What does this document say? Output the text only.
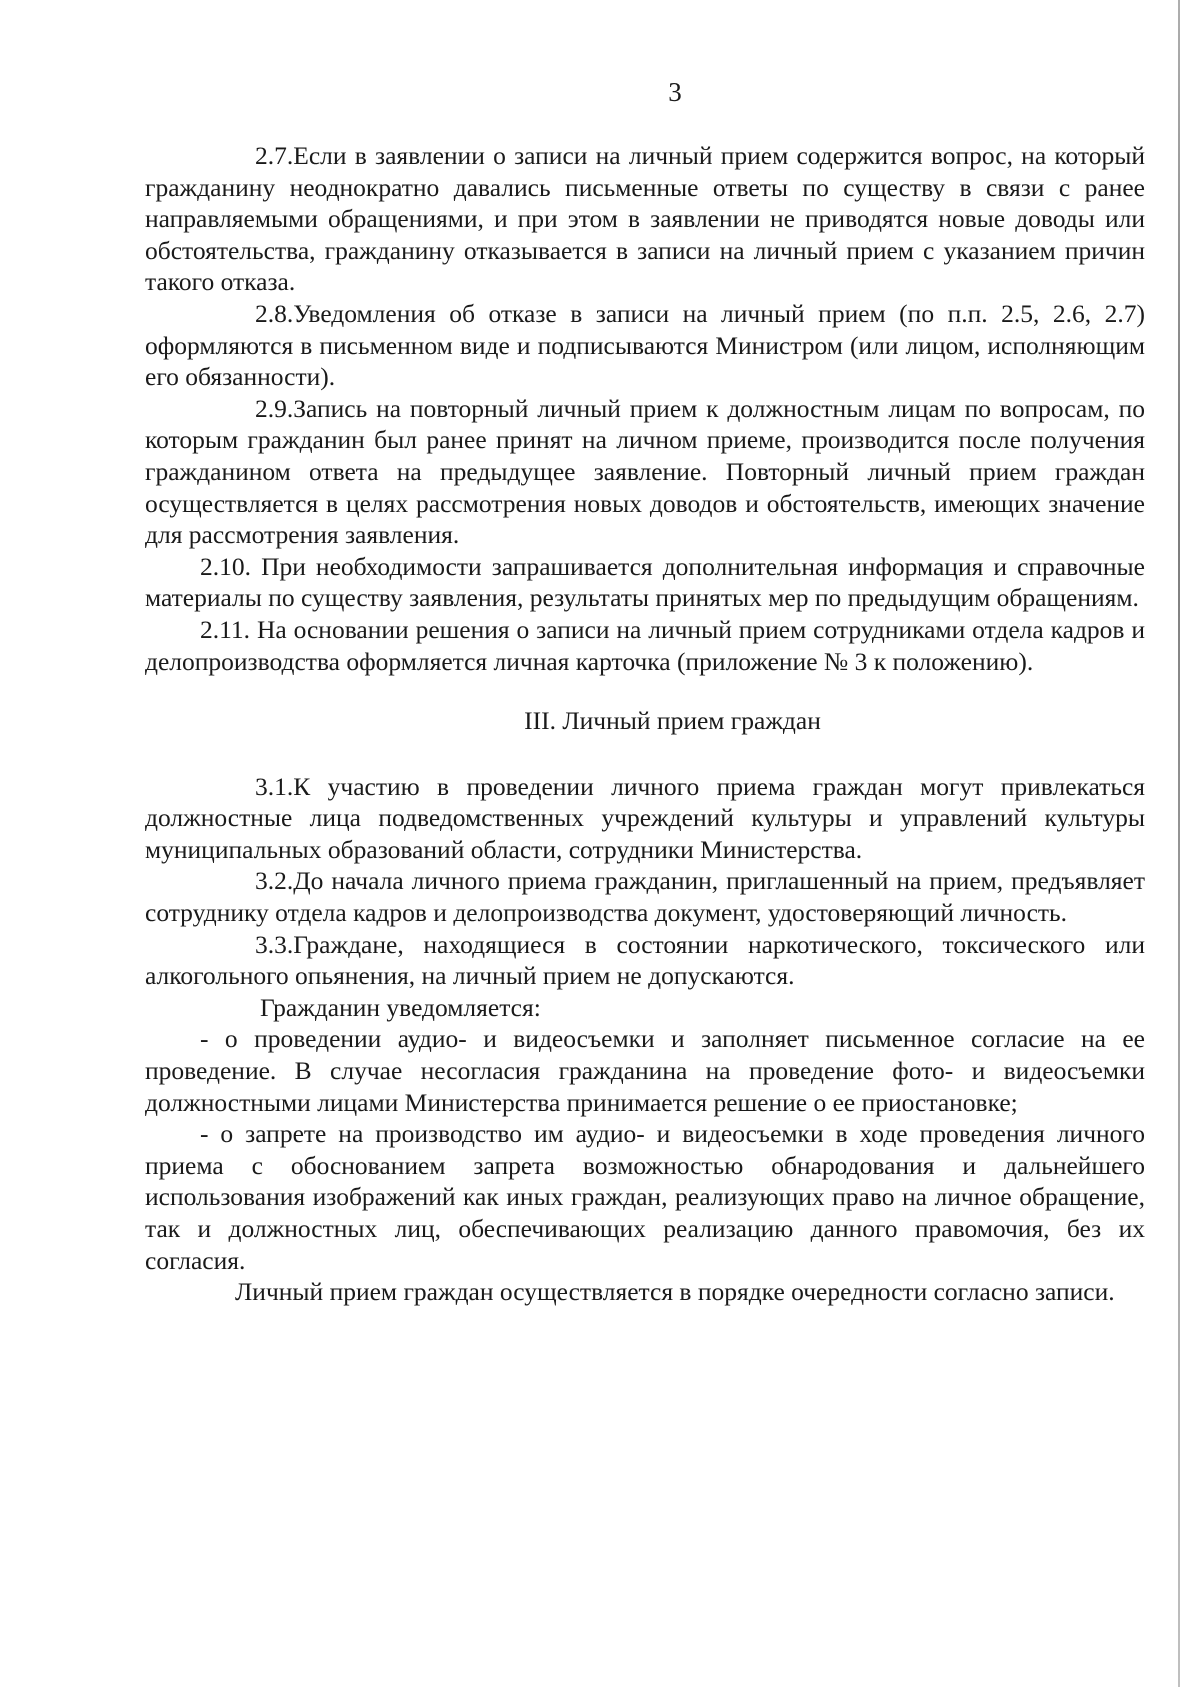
3

2.7.Если в заявлении о записи на личный прием содержится вопрос, на который гражданину неоднократно давались письменные ответы по существу в связи с ранее направляемыми обращениями, и при этом в заявлении не приводятся новые доводы или обстоятельства, гражданину отказывается в записи на личный прием с указанием причин такого отказа.

2.8.Уведомления об отказе в записи на личный прием (по п.п. 2.5, 2.6, 2.7) оформляются в письменном виде и подписываются Министром (или лицом, исполняющим его обязанности).

2.9.Запись на повторный личный прием к должностным лицам по вопросам, по которым гражданин был ранее принят на личном приеме, производится после получения гражданином ответа на предыдущее заявление. Повторный личный прием граждан осуществляется в целях рассмотрения новых доводов и обстоятельств, имеющих значение для рассмотрения заявления.

2.10. При необходимости запрашивается дополнительная информация и справочные материалы по существу заявления, результаты принятых мер по предыдущим обращениям.

2.11. На основании решения о записи на личный прием сотрудниками отдела кадров и делопроизводства оформляется личная карточка (приложение № 3 к положению).

III. Личный прием граждан

3.1.К участию в проведении личного приема граждан могут привлекаться должностные лица подведомственных учреждений культуры и управлений культуры муниципальных образований области, сотрудники Министерства.

3.2.До начала личного приема гражданин, приглашенный на прием, предъявляет сотруднику отдела кадров и делопроизводства документ, удостоверяющий личность.

3.3.Граждане, находящиеся в состоянии наркотического, токсического или алкогольного опьянения, на личный прием не допускаются.

Гражданин уведомляется:

- о проведении аудио- и видеосъемки и заполняет письменное согласие на ее проведение. В случае несогласия гражданина на проведение фото- и видеосъемки должностными лицами Министерства принимается решение о ее приостановке;

- о запрете на производство им аудио- и видеосъемки в ходе проведения личного приема с обоснованием запрета возможностью обнародования и дальнейшего использования изображений как иных граждан, реализующих право на личное обращение, так и должностных лиц, обеспечивающих реализацию данного правомочия, без их согласия.

Личный прием граждан осуществляется в порядке очередности согласно записи.
